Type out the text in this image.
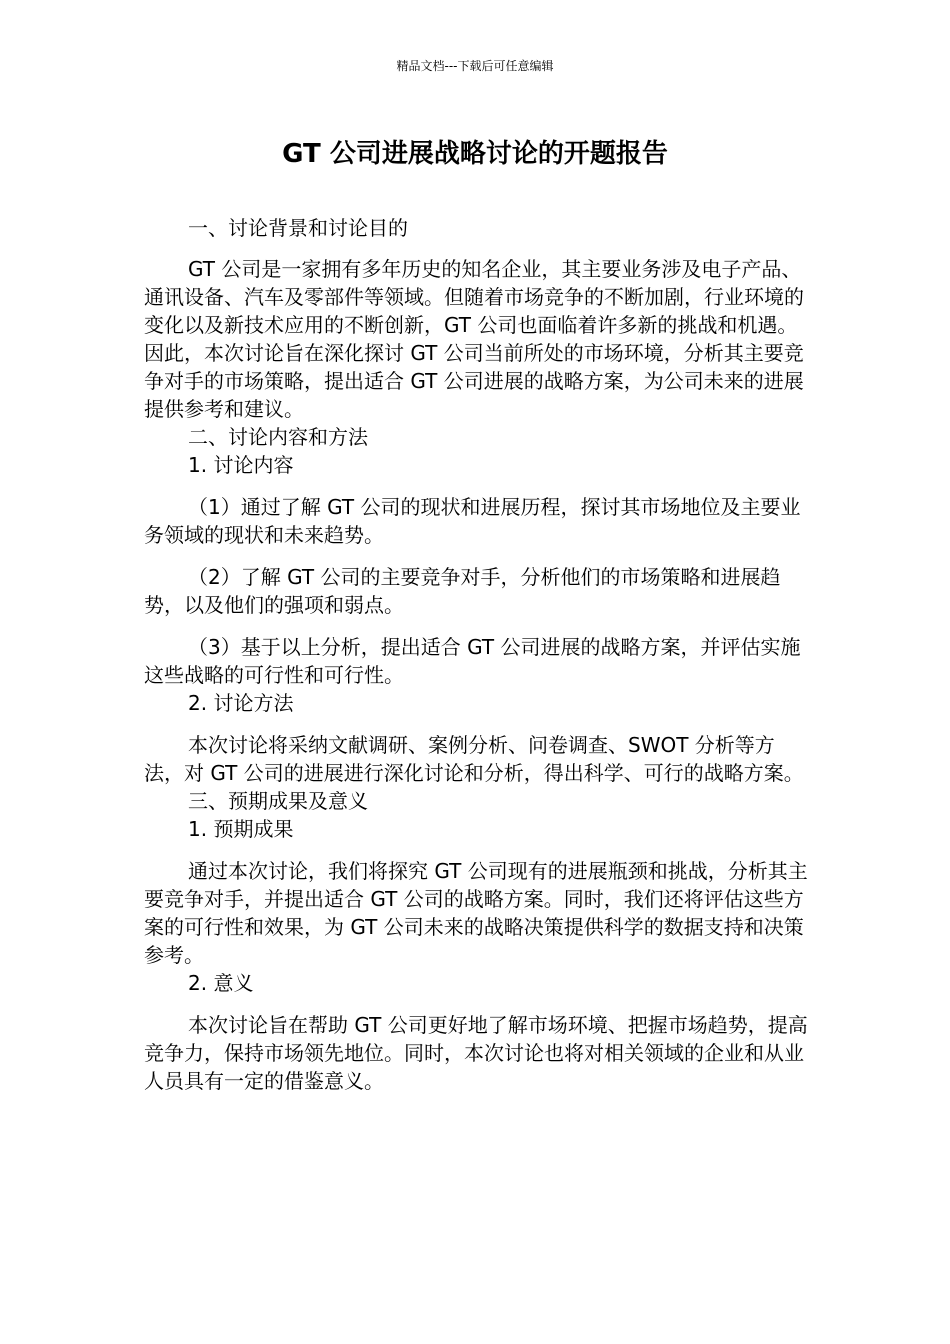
精品文档---下载后可任意编辑
GT 公司进展战略讨论的开题报告

一、讨论背景和讨论目的

GT 公司是一家拥有多年历史的知名企业，其主要业务涉及电子产品、通讯设备、汽车及零部件等领域。但随着市场竞争的不断加剧，行业环境的变化以及新技术应用的不断创新，GT 公司也面临着许多新的挑战和机遇。因此，本次讨论旨在深化探讨 GT 公司当前所处的市场环境，分析其主要竞争对手的市场策略，提出适合 GT 公司进展的战略方案，为公司未来的进展提供参考和建议。

二、讨论内容和方法

1. 讨论内容

（1）通过了解 GT 公司的现状和进展历程，探讨其市场地位及主要业务领域的现状和未来趋势。

（2）了解 GT 公司的主要竞争对手，分析他们的市场策略和进展趋势，以及他们的强项和弱点。

（3）基于以上分析，提出适合 GT 公司进展的战略方案，并评估实施这些战略的可行性和可行性。

2. 讨论方法

本次讨论将采纳文献调研、案例分析、问卷调查、SWOT 分析等方法，对 GT 公司的进展进行深化讨论和分析，得出科学、可行的战略方案。

三、预期成果及意义

1. 预期成果

通过本次讨论，我们将探究 GT 公司现有的进展瓶颈和挑战，分析其主要竞争对手，并提出适合 GT 公司的战略方案。同时，我们还将评估这些方案的可行性和效果，为 GT 公司未来的战略决策提供科学的数据支持和决策参考。

2. 意义

本次讨论旨在帮助 GT 公司更好地了解市场环境、把握市场趋势，提高竞争力，保持市场领先地位。同时，本次讨论也将对相关领域的企业和从业人员具有一定的借鉴意义。
